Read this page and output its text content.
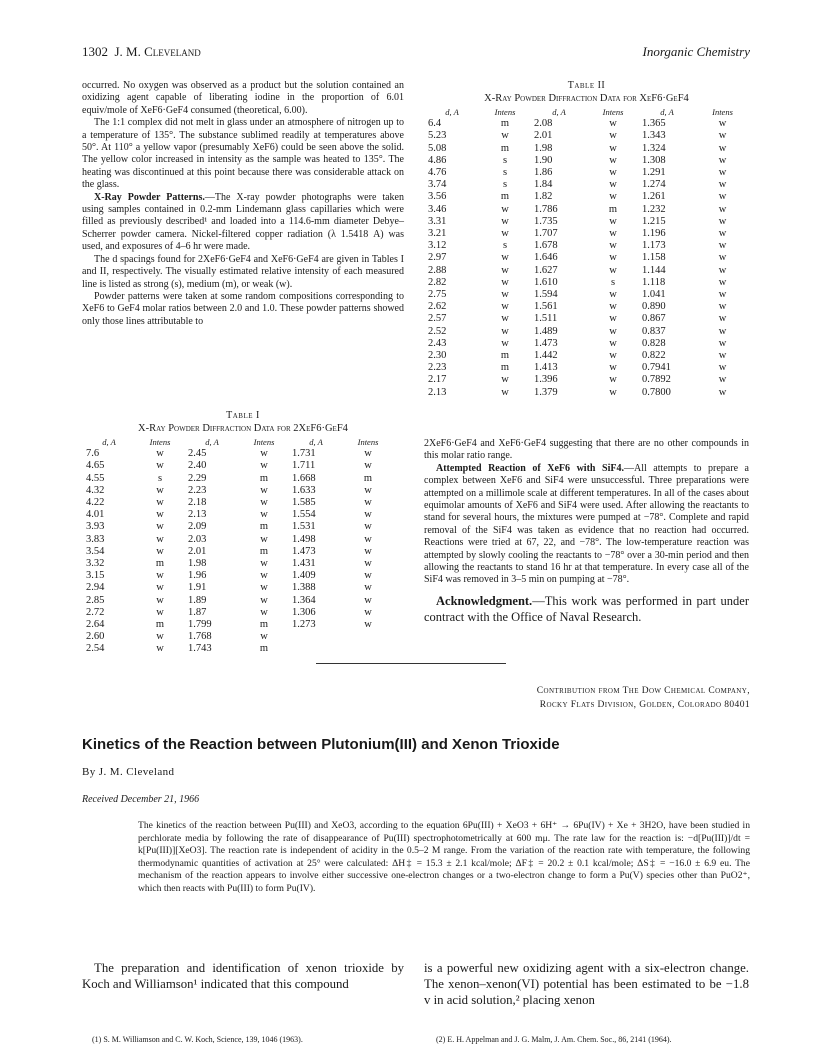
1302 J. M. Cleveland	Inorganic Chemistry

occurred. No oxygen was observed as a product but the solution contained an oxidizing agent capable of liberating iodine in the proportion of 6.01 equiv/mole of XeF6·GeF4 consumed (theoretical, 6.00).

The 1:1 complex did not melt in glass under an atmosphere of nitrogen up to a temperature of 135°. The substance sublimed readily at temperatures above 50°. At 110° a yellow vapor (presumably XeF6) could be seen above the solid. The yellow color increased in intensity as the sample was heated to 135°. The heating was discontinued at this point because there was considerable attack on the glass.

X-Ray Powder Patterns.—The X-ray powder photographs were taken using samples contained in 0.2-mm Lindemann glass capillaries which were filled as previously described¹ and loaded into a 114.6-mm diameter Debye–Scherrer powder camera. Nickel-filtered copper radiation (λ 1.5418 A) was used, and exposures of 4–6 hr were made.

The d spacings found for 2XeF6·GeF4 and XeF6·GeF4 are given in Tables I and II, respectively. The visually estimated relative intensity of each measured line is listed as strong (s), medium (m), or weak (w).

Powder patterns were taken at some random compositions corresponding to XeF6 to GeF4 molar ratios between 2.0 and 1.0. These powder patterns showed only those lines attributable to

Table I
X-Ray Powder Diffraction Data for 2XeF6·GeF4
d, A	Intens	d, A	Intens	d, A	Intens
7.6	w	2.45	w	1.731	w
4.65	w	2.40	w	1.711	w
4.55	s	2.29	m	1.668	m
4.32	w	2.23	w	1.633	w
4.22	w	2.18	w	1.585	w
4.01	w	2.13	w	1.554	w
3.93	w	2.09	m	1.531	w
3.83	w	2.03	w	1.498	w
3.54	w	2.01	m	1.473	w
3.32	m	1.98	w	1.431	w
3.15	w	1.96	w	1.409	w
2.94	w	1.91	w	1.388	w
2.85	w	1.89	w	1.364	w
2.72	w	1.87	w	1.306	w
2.64	m	1.799	m	1.273	w
2.60	w	1.768	w		
2.54	w	1.743	m		
Table II
X-Ray Powder Diffraction Data for XeF6·GeF4
d, A	Intens	d, A	Intens	d, A	Intens
6.4	m	2.08	w	1.365	w
5.23	w	2.01	w	1.343	w
5.08	m	1.98	w	1.324	w
4.86	s	1.90	w	1.308	w
4.76	s	1.86	w	1.291	w
3.74	s	1.84	w	1.274	w
3.56	m	1.82	w	1.261	w
3.46	w	1.786	m	1.232	w
3.31	w	1.735	w	1.215	w
3.21	w	1.707	w	1.196	w
3.12	s	1.678	w	1.173	w
2.97	w	1.646	w	1.158	w
2.88	w	1.627	w	1.144	w
2.82	w	1.610	s	1.118	w
2.75	w	1.594	w	1.041	w
2.62	w	1.561	w	0.890	w
2.57	w	1.511	w	0.867	w
2.52	w	1.489	w	0.837	w
2.43	w	1.473	w	0.828	w
2.30	m	1.442	w	0.822	w
2.23	m	1.413	w	0.7941	w
2.17	w	1.396	w	0.7892	w
2.13	w	1.379	w	0.7800	w

2XeF6·GeF4 and XeF6·GeF4 suggesting that there are no other compounds in this molar ratio range.

Attempted Reaction of XeF6 with SiF4.—All attempts to prepare a complex between XeF6 and SiF4 were unsuccessful. Three preparations were attempted on a millimole scale at different temperatures. In all of the cases about equimolar amounts of XeF6 and SiF4 were used. After allowing the reactants to stand for several hours, the mixtures were pumped at −78°. Complete and rapid removal of the SiF4 was taken as evidence that no reaction had occurred. Reactions were tried at 67, 22, and −78°. The low-temperature reaction was attempted by slowly cooling the reactants to −78° over a 30-min period and then allowing the reactants to stand 16 hr at that temperature. In every case all of the SiF4 was removed in 3–5 min on pumping at −78°.

Acknowledgment.—This work was performed in part under contract with the Office of Naval Research.

Contribution from The Dow Chemical Company,
Rocky Flats Division, Golden, Colorado 80401
Kinetics of the Reaction between Plutonium(III) and Xenon Trioxide
By J. M. Cleveland
Received December 21, 1966
The kinetics of the reaction between Pu(III) and XeO3, according to the equation 6Pu(III) + XeO3 + 6H⁺ → 6Pu(IV) + Xe + 3H2O, have been studied in perchlorate media by following the rate of disappearance of Pu(III) spectrophotometrically at 600 mμ. The rate law for the reaction is: −d[Pu(III)]/dt = k[Pu(III)][XeO3]. The reaction rate is independent of acidity in the 0.5–2 M range. From the variation of the reaction rate with temperature, the following thermodynamic quantities of activation at 25° were calculated: ΔH‡ = 15.3 ± 2.1 kcal/mole; ΔF‡ = 20.2 ± 0.1 kcal/mole; ΔS‡ = −16.0 ± 6.9 eu. The mechanism of the reaction appears to involve either successive one-electron changes or a two-electron change to form a Pu(V) species other than PuO2⁺, which then reacts with Pu(III) to form Pu(IV).
The preparation and identification of xenon trioxide by Koch and Williamson¹ indicated that this compound
is a powerful new oxidizing agent with a six-electron change. The xenon–xenon(VI) potential has been estimated to be −1.8 v in acid solution,² placing xenon
(1) S. M. Williamson and C. W. Koch, Science, 139, 1046 (1963).	(2) E. H. Appelman and J. G. Malm, J. Am. Chem. Soc., 86, 2141 (1964).
